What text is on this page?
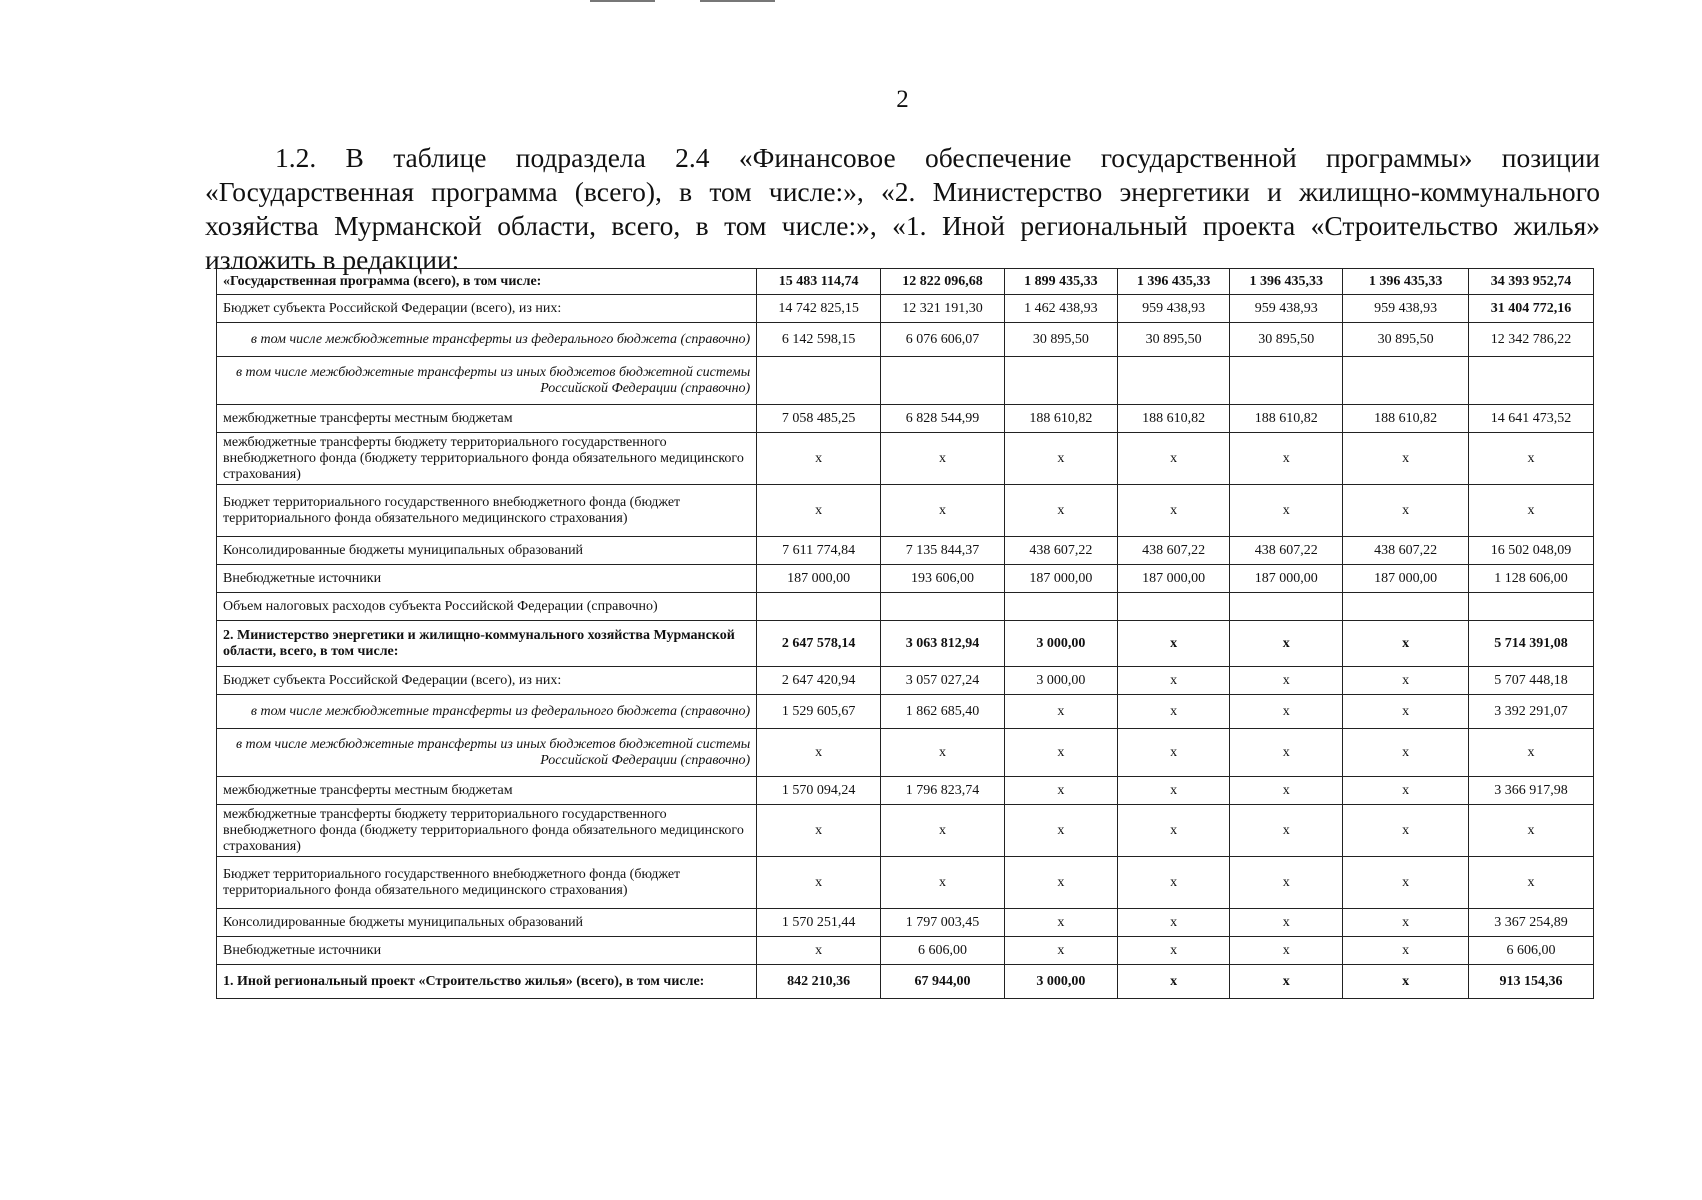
2
1.2. В таблице подраздела 2.4 «Финансовое обеспечение государственной программы» позиции «Государственная программа (всего), в том числе:», «2. Министерство энергетики и жилищно-коммунального хозяйства Мурманской области, всего, в том числе:», «1. Иной региональный проекта «Строительство жилья» изложить в редакции:
«Государственная программа (всего), в том числе:	15 483 114,74	12 822 096,68	1 899 435,33	1 396 435,33	1 396 435,33	1 396 435,33	34 393 952,74
Бюджет субъекта Российской Федерации (всего), из них:	14 742 825,15	12 321 191,30	1 462 438,93	959 438,93	959 438,93	959 438,93	31 404 772,16
в том числе межбюджетные трансферты из федерального бюджета (справочно)	6 142 598,15	6 076 606,07	30 895,50	30 895,50	30 895,50	30 895,50	12 342 786,22
в том числе межбюджетные трансферты из иных бюджетов бюджетной системы Российской Федерации (справочно)							
межбюджетные трансферты местным бюджетам	7 058 485,25	6 828 544,99	188 610,82	188 610,82	188 610,82	188 610,82	14 641 473,52
межбюджетные трансферты бюджету территориального государственного внебюджетного фонда (бюджету территориального фонда обязательного медицинского страхования)	x	x	x	x	x	x	x
Бюджет территориального государственного внебюджетного фонда (бюджет территориального фонда обязательного медицинского страхования)	x	x	x	x	x	x	x
Консолидированные бюджеты муниципальных образований	7 611 774,84	7 135 844,37	438 607,22	438 607,22	438 607,22	438 607,22	16 502 048,09
Внебюджетные источники	187 000,00	193 606,00	187 000,00	187 000,00	187 000,00	187 000,00	1 128 606,00
Объем налоговых расходов субъекта Российской Федерации (справочно)							
2. Министерство энергетики и жилищно-коммунального хозяйства Мурманской области, всего, в том числе:	2 647 578,14	3 063 812,94	3 000,00	x	x	x	5 714 391,08
Бюджет субъекта Российской Федерации (всего), из них:	2 647 420,94	3 057 027,24	3 000,00	x	x	x	5 707 448,18
в том числе межбюджетные трансферты из федерального бюджета (справочно)	1 529 605,67	1 862 685,40	x	x	x	x	3 392 291,07
в том числе межбюджетные трансферты из иных бюджетов бюджетной системы Российской Федерации (справочно)	x	x	x	x	x	x	x
межбюджетные трансферты местным бюджетам	1 570 094,24	1 796 823,74	x	x	x	x	3 366 917,98
межбюджетные трансферты бюджету территориального государственного внебюджетного фонда (бюджету территориального фонда обязательного медицинского страхования)	x	x	x	x	x	x	x
Бюджет территориального государственного внебюджетного фонда (бюджет территориального фонда обязательного медицинского страхования)	x	x	x	x	x	x	x
Консолидированные бюджеты муниципальных образований	1 570 251,44	1 797 003,45	x	x	x	x	3 367 254,89
Внебюджетные источники	x	6 606,00	x	x	x	x	6 606,00
1. Иной региональный проект «Строительство жилья» (всего), в том числе:	842 210,36	67 944,00	3 000,00	x	x	x	913 154,36
